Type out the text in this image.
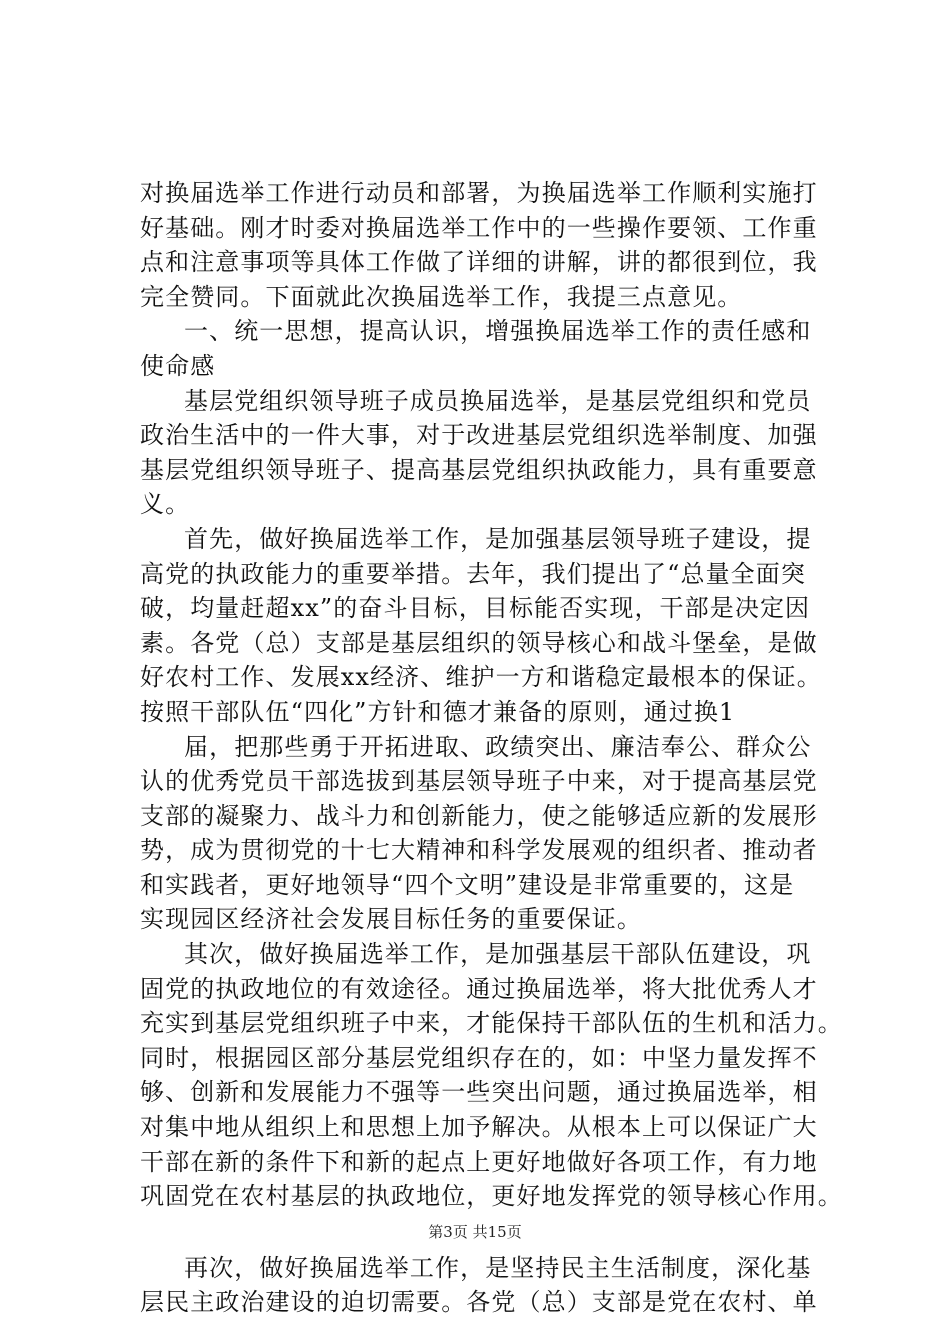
对换届选举工作进行动员和部署，为换届选举工作顺利实施打
好基础。刚才时委对换届选举工作中的一些操作要领、工作重
点和注意事项等具体工作做了详细的讲解，讲的都很到位，我
完全赞同。下面就此次换届选举工作，我提三点意见。
一、统一思想，提高认识，增强换届选举工作的责任感和
使命感
基层党组织领导班子成员换届选举，是基层党组织和党员
政治生活中的一件大事，对于改进基层党组织选举制度、加强
基层党组织领导班子、提高基层党组织执政能力，具有重要意
义。
首先，做好换届选举工作，是加强基层领导班子建设，提
高党的执政能力的重要举措。去年，我们提出了“总量全面突
破，均量赶超xx”的奋斗目标，目标能否实现，干部是决定因
素。各党（总）支部是基层组织的领导核心和战斗堡垒，是做
好农村工作、发展xx经济、维护一方和谐稳定最根本的保证。
按照干部队伍“四化”方针和德才兼备的原则，通过换1
届，把那些勇于开拓进取、政绩突出、廉洁奉公、群众公
认的优秀党员干部选拔到基层领导班子中来，对于提高基层党
支部的凝聚力、战斗力和创新能力，使之能够适应新的发展形
势，成为贯彻党的十七大精神和科学发展观的组织者、推动者
和实践者，更好地领导“四个文明”建设是非常重要的，这是
实现园区经济社会发展目标任务的重要保证。
其次，做好换届选举工作，是加强基层干部队伍建设，巩
固党的执政地位的有效途径。通过换届选举，将大批优秀人才
充实到基层党组织班子中来，才能保持干部队伍的生机和活力。
同时，根据园区部分基层党组织存在的，如：中坚力量发挥不
够、创新和发展能力不强等一些突出问题，通过换届选举，相
对集中地从组织上和思想上加予解决。从根本上可以保证广大
干部在新的条件下和新的起点上更好地做好各项工作，有力地
巩固党在农村基层的执政地位，更好地发挥党的领导核心作用。
再次，做好换届选举工作，是坚持民主生活制度，深化基
层民主政治建设的迫切需要。各党（总）支部是党在农村、单
第3页 共15页
